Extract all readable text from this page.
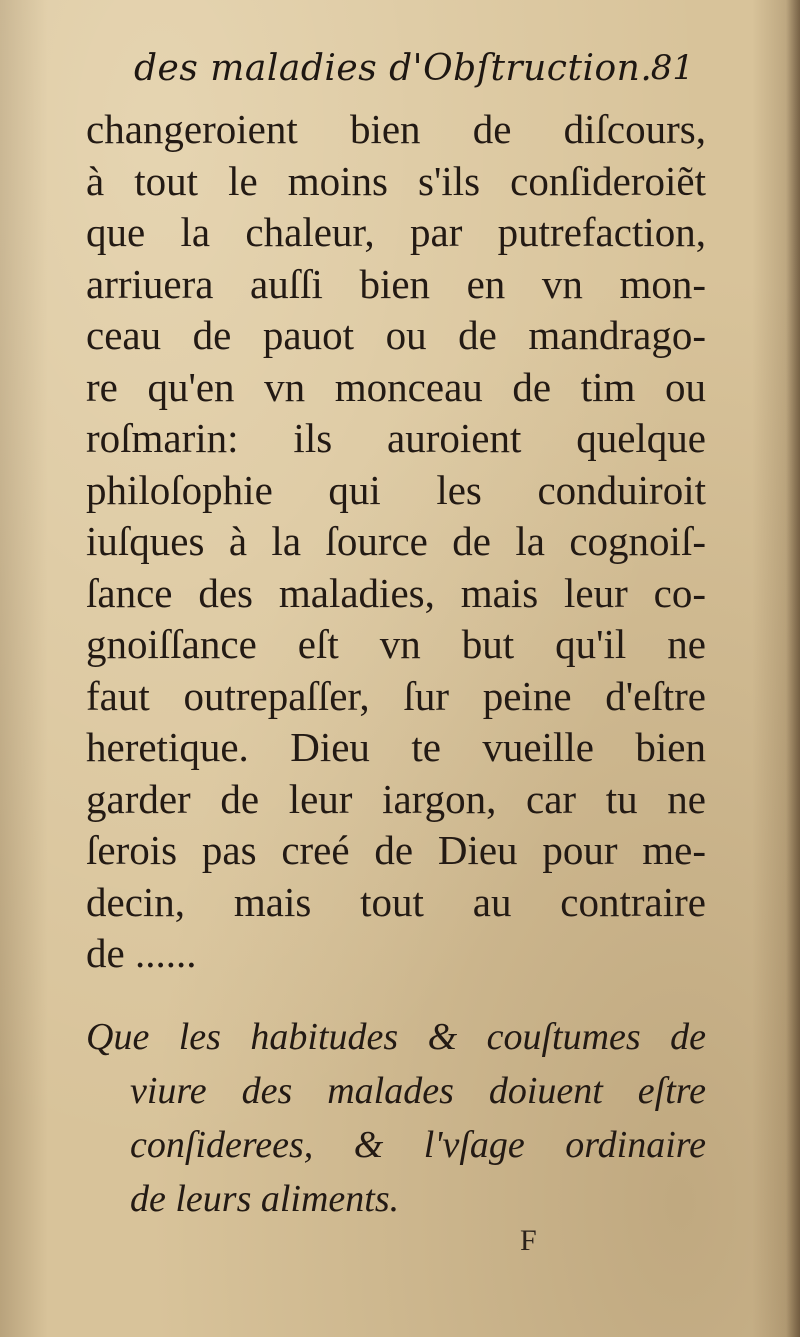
des maladies d'Obſtruction.
81
changeroient bien de diſcours,
à tout le moins s'ils conſideroiẽt
que la chaleur, par putrefaction,
arriuera auſſi bien en vn mon-
ceau de pauot ou de mandrago-
re qu'en vn monceau de tim ou
roſmarin: ils auroient quelque
philoſophie qui les conduiroit
iuſques à la ſource de la cognoiſ-
ſance des maladies, mais leur co-
gnoiſſance eſt vn but qu'il ne
faut outrepaſſer, ſur peine d'eſtre
heretique. Dieu te vueille bien
garder de leur iargon, car tu ne
ſerois pas creé de Dieu pour me-
decin, mais tout au contraire
de ......
Que les habitudes & couſtumes de
viure des malades doiuent eſtre
conſiderees, & l'vſage ordinaire
de leurs aliments.
F
